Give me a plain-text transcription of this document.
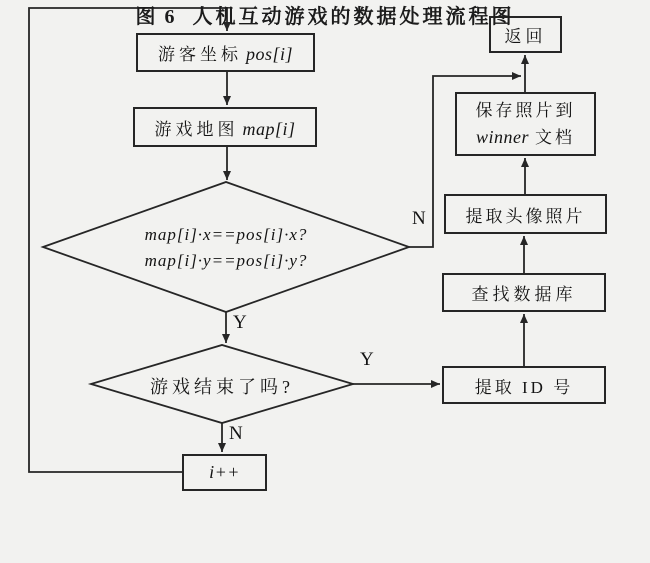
游客坐标 pos[i]
游戏地图 map[i]
返回
保存照片到
winner 文档
提取头像照片
查找数据库
提取 ID 号
i++
map[i]·x==pos[i]·x?
map[i]·y==pos[i]·y?
游戏结束了吗?
N
Y
Y
N
图 6 人机互动游戏的数据处理流程图
